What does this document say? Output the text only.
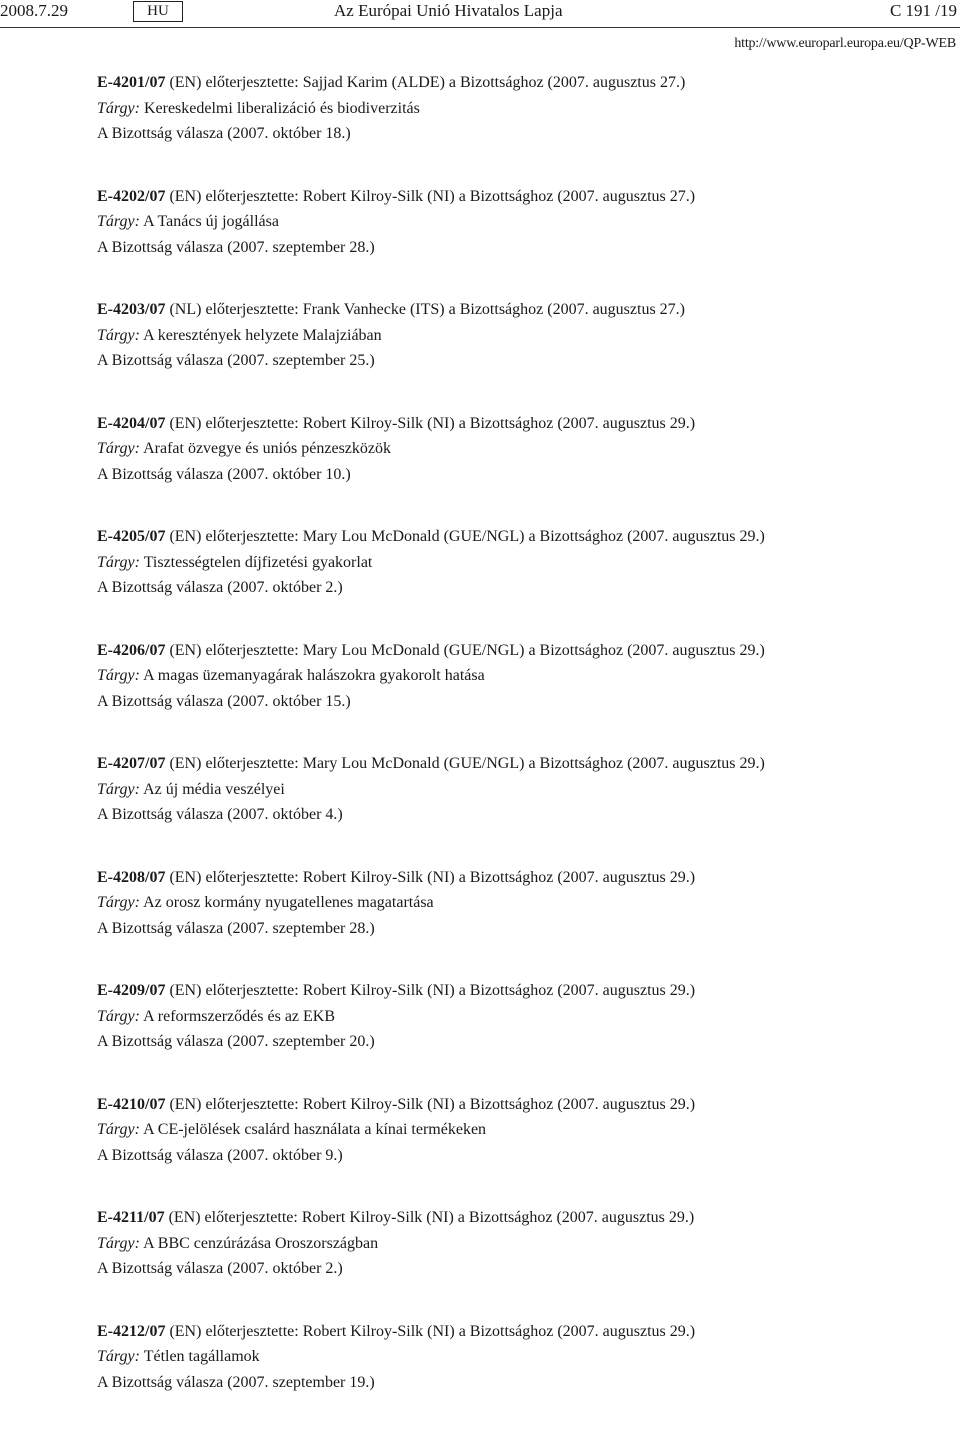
2008.7.29	HU	Az Európai Unió Hivatalos Lapja	C 191 /19
http://www.europarl.europa.eu/QP-WEB
E-4201/07 (EN) előterjesztette: Sajjad Karim (ALDE) a Bizottsághoz (2007. augusztus 27.)
Tárgy: Kereskedelmi liberalizáció és biodiverzitás
A Bizottság válasza (2007. október 18.)
E-4202/07 (EN) előterjesztette: Robert Kilroy-Silk (NI) a Bizottsághoz (2007. augusztus 27.)
Tárgy: A Tanács új jogállása
A Bizottság válasza (2007. szeptember 28.)
E-4203/07 (NL) előterjesztette: Frank Vanhecke (ITS) a Bizottsághoz (2007. augusztus 27.)
Tárgy: A keresztények helyzete Malajziában
A Bizottság válasza (2007. szeptember 25.)
E-4204/07 (EN) előterjesztette: Robert Kilroy-Silk (NI) a Bizottsághoz (2007. augusztus 29.)
Tárgy: Arafat özvegye és uniós pénzeszközök
A Bizottság válasza (2007. október 10.)
E-4205/07 (EN) előterjesztette: Mary Lou McDonald (GUE/NGL) a Bizottsághoz (2007. augusztus 29.)
Tárgy: Tisztességtelen díjfizetési gyakorlat
A Bizottság válasza (2007. október 2.)
E-4206/07 (EN) előterjesztette: Mary Lou McDonald (GUE/NGL) a Bizottsághoz (2007. augusztus 29.)
Tárgy: A magas üzemanyagárak halászokra gyakorolt hatása
A Bizottság válasza (2007. október 15.)
E-4207/07 (EN) előterjesztette: Mary Lou McDonald (GUE/NGL) a Bizottsághoz (2007. augusztus 29.)
Tárgy: Az új média veszélyei
A Bizottság válasza (2007. október 4.)
E-4208/07 (EN) előterjesztette: Robert Kilroy-Silk (NI) a Bizottsághoz (2007. augusztus 29.)
Tárgy: Az orosz kormány nyugatellenes magatartása
A Bizottság válasza (2007. szeptember 28.)
E-4209/07 (EN) előterjesztette: Robert Kilroy-Silk (NI) a Bizottsághoz (2007. augusztus 29.)
Tárgy: A reformszerződés és az EKB
A Bizottság válasza (2007. szeptember 20.)
E-4210/07 (EN) előterjesztette: Robert Kilroy-Silk (NI) a Bizottsághoz (2007. augusztus 29.)
Tárgy: A CE-jelölések csalárd használata a kínai termékeken
A Bizottság válasza (2007. október 9.)
E-4211/07 (EN) előterjesztette: Robert Kilroy-Silk (NI) a Bizottsághoz (2007. augusztus 29.)
Tárgy: A BBC cenzúrázása Oroszországban
A Bizottság válasza (2007. október 2.)
E-4212/07 (EN) előterjesztette: Robert Kilroy-Silk (NI) a Bizottsághoz (2007. augusztus 29.)
Tárgy: Tétlen tagállamok
A Bizottság válasza (2007. szeptember 19.)
